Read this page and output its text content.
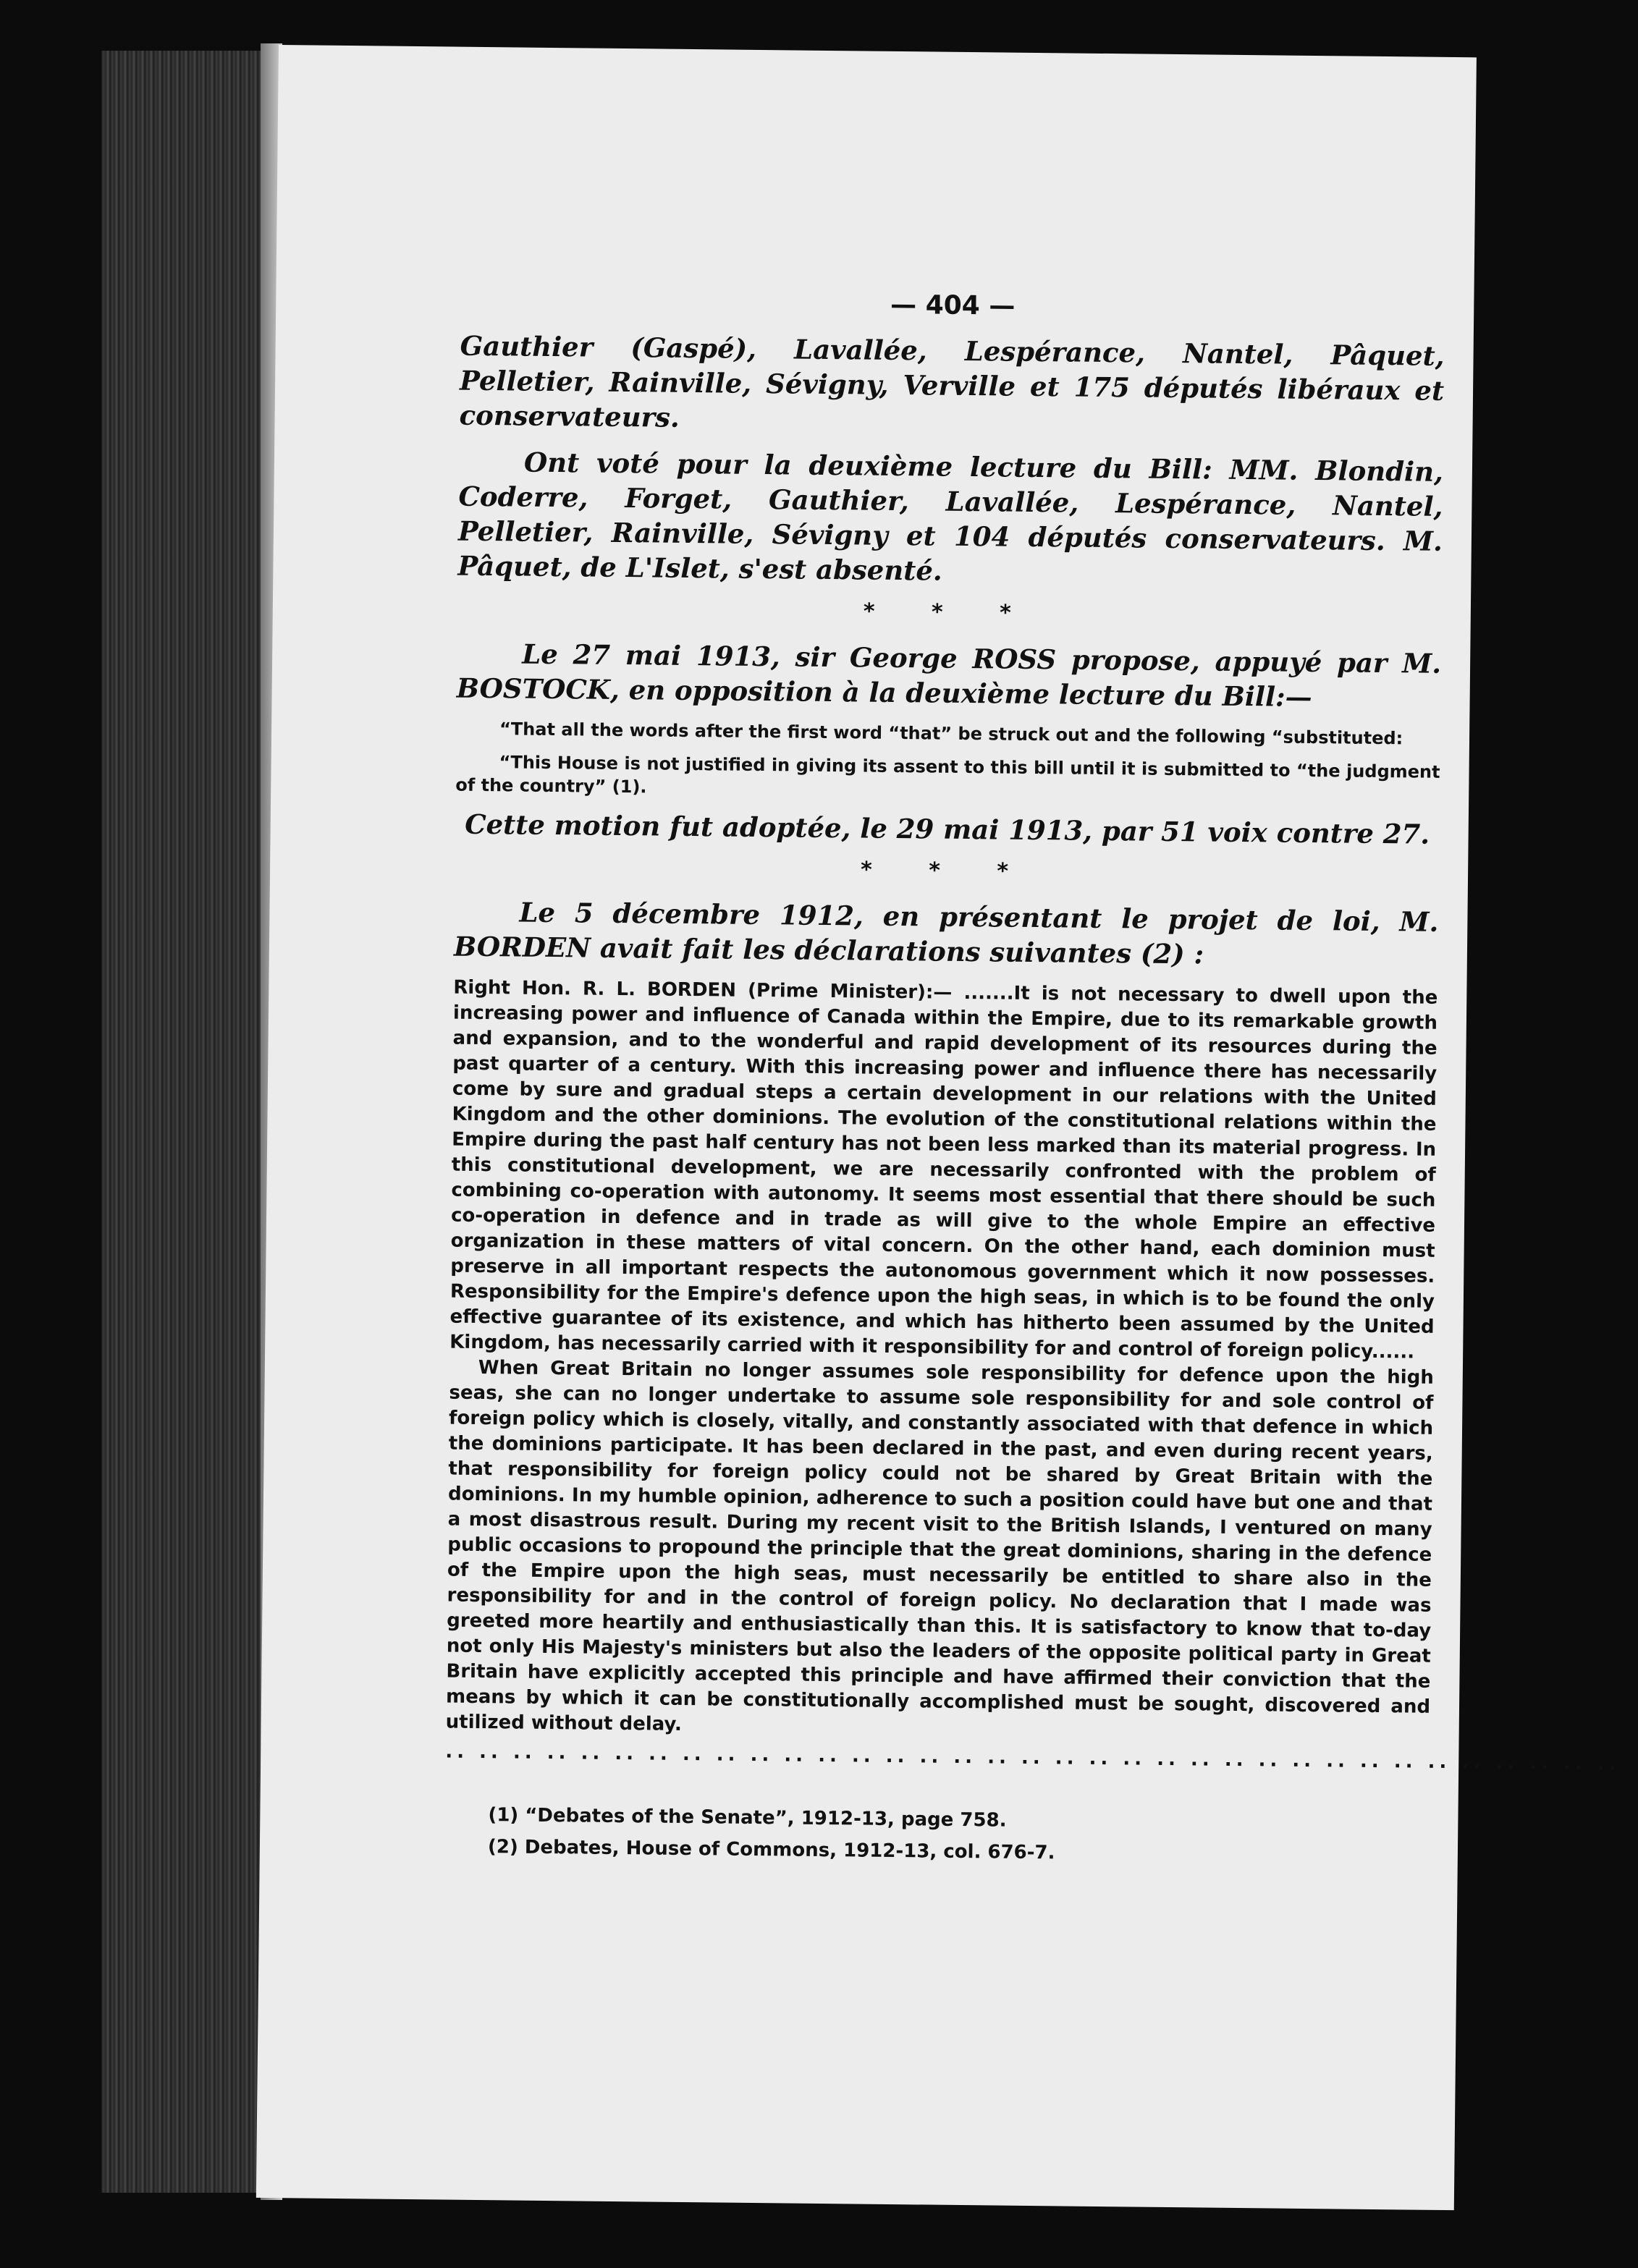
— 404 —

Gauthier (Gaspé), Lavallée, Lespérance, Nantel, Pâquet, Pelletier, Rainville, Sévigny, Verville et 175 députés libéraux et conservateurs.

Ont voté pour la deuxième lecture du Bill: MM. Blondin, Coderre, Forget, Gauthier, Lavallée, Lespérance, Nantel, Pelletier, Rainville, Sévigny et 104 députés conservateurs. M. Pâquet, de L'Islet, s'est absenté.

* * *

Le 27 mai 1913, sir George ROSS propose, appuyé par M. BOSTOCK, en opposition à la deuxième lecture du Bill:—

“That all the words after the first word “that” be struck out and the following “substituted:

“This House is not justified in giving its assent to this bill until it is submitted to “the judgment of the country” (1).

Cette motion fut adoptée, le 29 mai 1913, par 51 voix contre 27.

* * *

Le 5 décembre 1912, en présentant le projet de loi, M. BORDEN avait fait les déclarations suivantes (2) :

Right Hon. R. L. BORDEN (Prime Minister):— .......It is not necessary to dwell upon the increasing power and influence of Canada within the Empire, due to its remarkable growth and expansion, and to the wonderful and rapid development of its resources during the past quarter of a century. With this increasing power and influence there has necessarily come by sure and gradual steps a certain development in our relations with the United Kingdom and the other dominions. The evolution of the constitutional relations within the Empire during the past half century has not been less marked than its material progress. In this constitutional development, we are necessarily confronted with the problem of combining co-operation with autonomy. It seems most essential that there should be such co-operation in defence and in trade as will give to the whole Empire an effective organization in these matters of vital concern. On the other hand, each dominion must preserve in all important respects the autonomous government which it now possesses. Responsibility for the Empire's defence upon the high seas, in which is to be found the only effective guarantee of its existence, and which has hitherto been assumed by the United Kingdom, has necessarily carried with it responsibility for and control of foreign policy......

When Great Britain no longer assumes sole responsibility for defence upon the high seas, she can no longer undertake to assume sole responsibility for and sole control of foreign policy which is closely, vitally, and constantly associated with that defence in which the dominions participate. It has been declared in the past, and even during recent years, that responsibility for foreign policy could not be shared by Great Britain with the dominions. In my humble opinion, adherence to such a position could have but one and that a most disastrous result. During my recent visit to the British Islands, I ventured on many public occasions to propound the principle that the great dominions, sharing in the defence of the Empire upon the high seas, must necessarily be entitled to share also in the responsibility for and in the control of foreign policy. No declaration that I made was greeted more heartily and enthusiastically than this. It is satisfactory to know that to-day not only His Majesty's ministers but also the leaders of the opposite political party in Great Britain have explicitly accepted this principle and have affirmed their conviction that the means by which it can be constitutionally accomplished must be sought, discovered and utilized without delay.

.. .. .. .. .. .. .. .. .. .. .. .. .. .. .. .. .. .. .. .. .. .. .. .. .. .. .. .. .. .. .. .. .. .. ..

(1) “Debates of the Senate”, 1912-13, page 758.

(2) Debates, House of Commons, 1912-13, col. 676-7.
